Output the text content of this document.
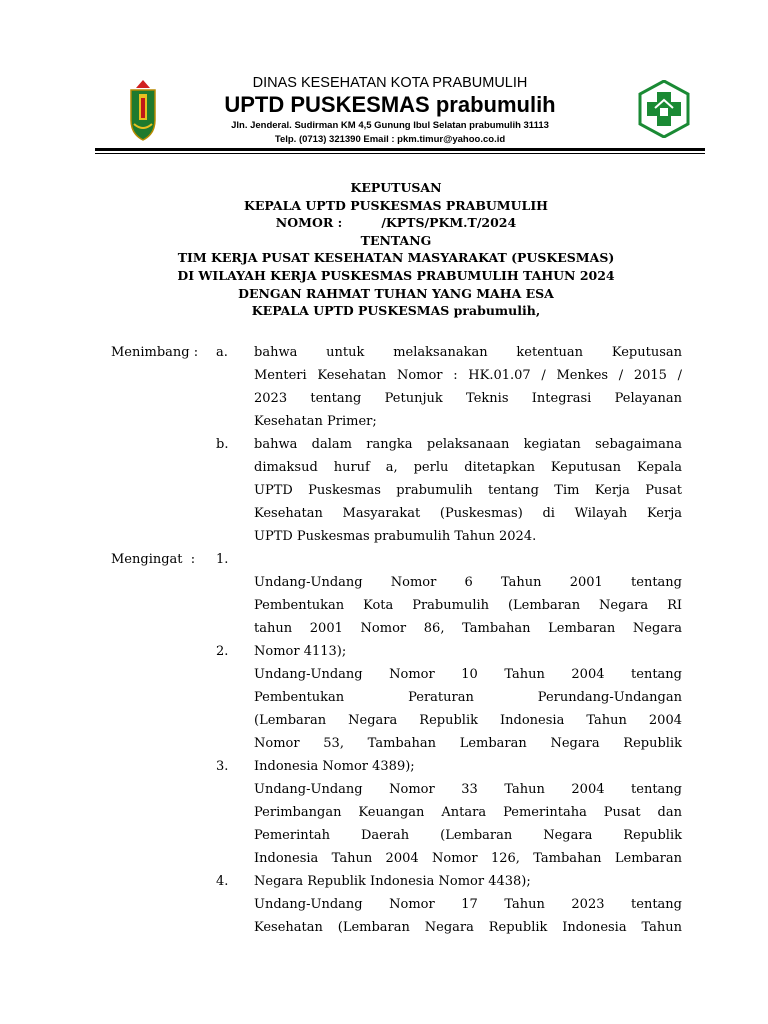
DINAS KESEHATAN KOTA PRABUMULIH
UPTD PUSKESMAS prabumulih
Jln. Jenderal. Sudirman KM 4,5 Gunung Ibul Selatan prabumulih 31113
Telp. (0713) 321390 Email : pkm.timur@yahoo.co.id
KEPUTUSAN
KEPALA UPTD PUSKESMAS PRABUMULIH
NOMOR :         /KPTS/PKM.T/2024
TENTANG
TIM KERJA PUSAT KESEHATAN MASYARAKAT (PUSKESMAS)
DI WILAYAH KERJA PUSKESMAS PRABUMULIH TAHUN 2024
DENGAN RAHMAT TUHAN YANG MAHA ESA
KEPALA UPTD PUSKESMAS prabumulih,
Menimbang : a. bahwa untuk melaksanakan ketentuan Keputusan
Menteri Kesehatan Nomor : HK.01.07 / Menkes / 2015 /
2023 tentang Petunjuk Teknis Integrasi Pelayanan
Kesehatan Primer;
b. bahwa dalam rangka pelaksanaan kegiatan sebagaimana
dimaksud huruf a, perlu ditetapkan Keputusan Kepala
UPTD Puskesmas prabumulih tentang Tim Kerja Pusat
Kesehatan Masyarakat (Puskesmas) di Wilayah Kerja
UPTD Puskesmas prabumulih Tahun 2024.
Mengingat  : 1.
2.
3.
4.
Undang-Undang Nomor 6 Tahun 2001 tentang
Pembentukan Kota Prabumulih (Lembaran Negara RI
tahun 2001 Nomor 86, Tambahan Lembaran Negara
Nomor 4113);
Undang-Undang Nomor 10 Tahun 2004 tentang
Pembentukan Peraturan Perundang-Undangan
(Lembaran Negara Republik Indonesia Tahun 2004
Nomor 53, Tambahan Lembaran Negara Republik
Indonesia Nomor 4389);
Undang-Undang Nomor 33 Tahun 2004 tentang
Perimbangan Keuangan Antara Pemerintaha Pusat dan
Pemerintah Daerah (Lembaran Negara Republik
Indonesia Tahun 2004 Nomor 126, Tambahan Lembaran
Negara Republik Indonesia Nomor 4438);
Undang-Undang Nomor 17 Tahun 2023 tentang
Kesehatan (Lembaran Negara Republik Indonesia Tahun
